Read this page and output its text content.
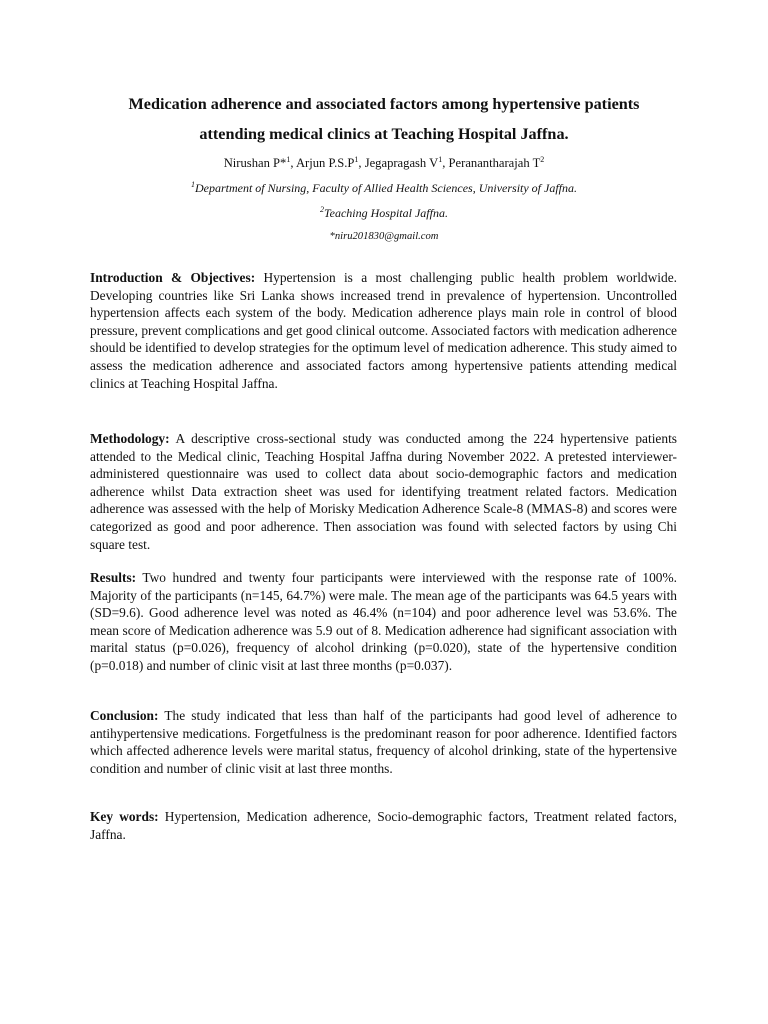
Medication adherence and associated factors among hypertensive patients
attending medical clinics at Teaching Hospital Jaffna.
Nirushan P*$^1$, Arjun $P.S.P^1$, Jegapragash $V^1$, Peranantharajah $T^2$
$^1$Department of Nursing, Faculty of Allied Health Sciences, University of Jaffna.
$^2$Teaching Hospital Jaffna.
*niru201830@gmail.com

Introduction & Objectives: Hypertension is a most challenging public health problem worldwide. Developing countries like Sri Lanka shows increased trend in prevalence of hypertension. Uncontrolled hypertension affects each system of the body. Medication adherence plays main role in control of blood pressure, prevent complications and get good clinical outcome. Associated factors with medication adherence should be identified to develop strategies for the optimum level of medication adherence. This study aimed to assess the medication adherence and associated factors among hypertensive patients attending medical clinics at Teaching Hospital Jaffna.

Methodology: A descriptive cross-sectional study was conducted among the 224 hypertensive patients attended to the Medical clinic, Teaching Hospital Jaffna during November 2022. A pretested interviewer-administered questionnaire was used to collect data about socio-demographic factors and medication adherence whilst Data extraction sheet was used for identifying treatment related factors. Medication adherence was assessed with the help of Morisky Medication Adherence Scale-8 (MMAS-8) and scores were categorized as good and poor adherence. Then association was found with selected factors by using Chi square test.

Results: Two hundred and twenty four participants were interviewed with the response rate of 100%. Majority of the participants (n=145, 64.7%) were male. The mean age of the participants was 64.5 years with (SD=9.6). Good adherence level was noted as 46.4% (n=104) and poor adherence level was 53.6%. The mean score of Medication adherence was 5.9 out of 8. Medication adherence had significant association with marital status (p=0.026), frequency of alcohol drinking (p=0.020), state of the hypertensive condition (p=0.018) and number of clinic visit at last three months (p=0.037).

Conclusion: The study indicated that less than half of the participants had good level of adherence to antihypertensive medications. Forgetfulness is the predominant reason for poor adherence. Identified factors which affected adherence levels were marital status, frequency of alcohol drinking, state of the hypertensive condition and number of clinic visit at last three months.

Key words: Hypertension, Medication adherence, Socio-demographic factors, Treatment related factors, Jaffna.
